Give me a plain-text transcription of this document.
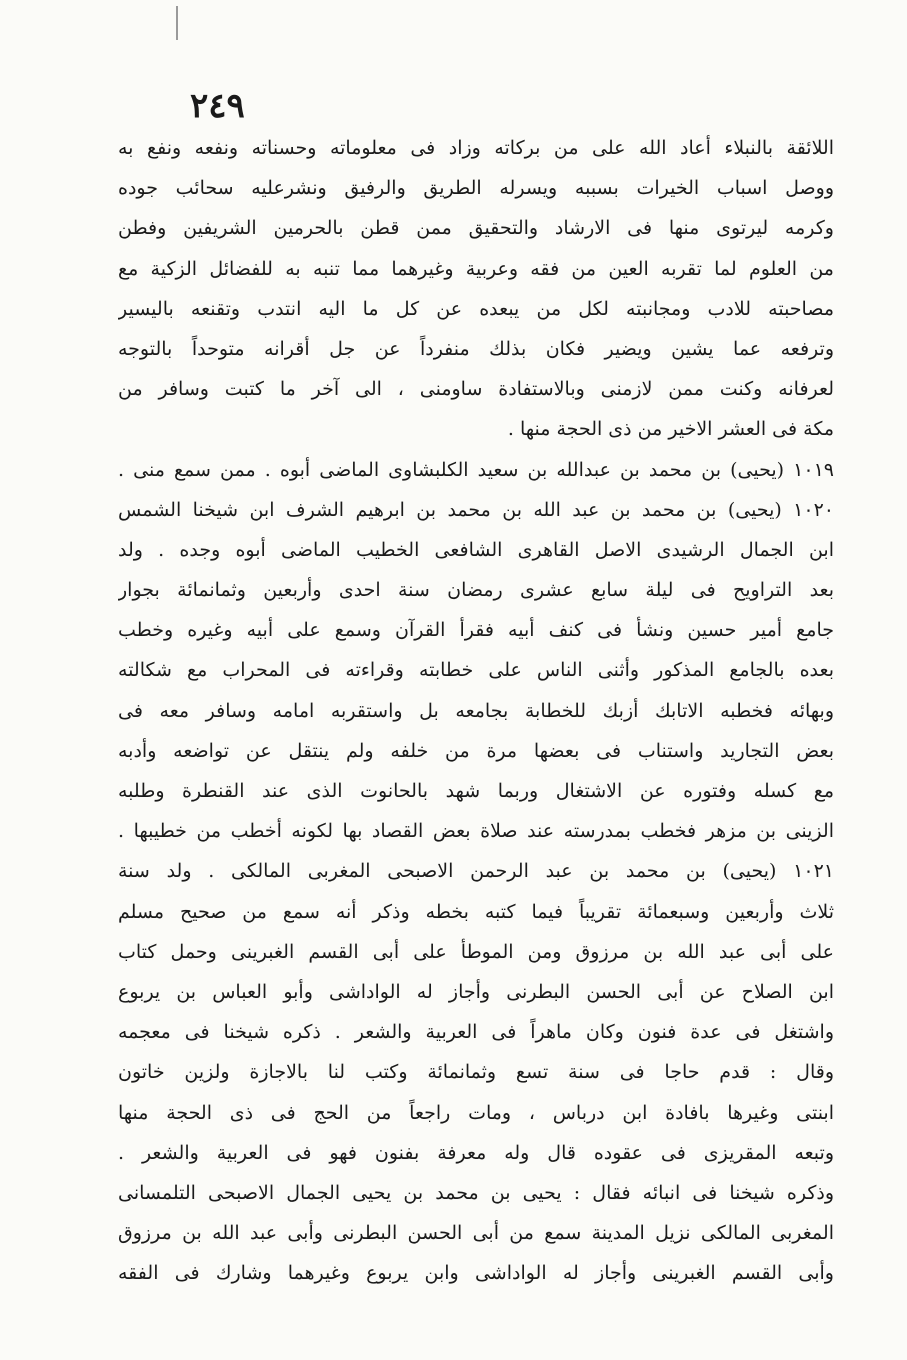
٢٤٩
اللائقة بالنبلاء أعاد الله على من بركاته وزاد فى معلوماته وحسناته ونفعه ونفع به
ووصل اسباب الخيرات بسببه ويسرله الطريق والرفيق ونشرعليه سحائب جوده
وكرمه ليرتوى منها فى الارشاد والتحقيق ممن قطن بالحرمين الشريفين وفطن
من العلوم لما تقربه العين من فقه وعربية وغيرهما مما تنبه به للفضائل الزكية مع
مصاحبته للادب ومجانبته لكل من يبعده عن كل ما اليه انتدب وتقنعه باليسير
وترفعه عما يشين ويضير فكان بذلك منفرداً عن جل أقرانه متوحداً بالتوجه
لعرفانه وكنت ممن لازمنى وبالاستفادة ساومنى ، الى آخر ما كتبت وسافر من
مكة فى العشر الاخير من ذى الحجة منها .
١٠١٩ (يحيى) بن محمد بن عبدالله بن سعيد الكلبشاوى الماضى أبوه . ممن سمع منى .
١٠٢٠ (يحيى) بن محمد بن عبد الله بن محمد بن ابرهيم الشرف ابن شيخنا الشمس
ابن الجمال الرشيدى الاصل القاهرى الشافعى الخطيب الماضى أبوه وجده . ولد
بعد التراويح فى ليلة سابع عشرى رمضان سنة احدى وأربعين وثمانمائة بجوار
جامع أمير حسين ونشأ فى كنف أبيه فقرأ القرآن وسمع على أبيه وغيره وخطب
بعده بالجامع المذكور وأثنى الناس على خطابته وقراءته فى المحراب مع شكالته
وبهائه فخطبه الاتابك أزبك للخطابة بجامعه بل واستقربه امامه وسافر معه فى
بعض التجاريد واستناب فى بعضها مرة من خلفه ولم ينتقل عن تواضعه وأدبه
مع كسله وفتوره عن الاشتغال وربما شهد بالحانوت الذى عند القنطرة وطلبه
الزينى بن مزهر فخطب بمدرسته عند صلاة بعض القصاد بها لكونه أخطب من خطيبها .
١٠٢١ (يحيى) بن محمد بن عبد الرحمن الاصبحى المغربى المالكى . ولد سنة
ثلاث وأربعين وسبعمائة تقريباً فيما كتبه بخطه وذكر أنه سمع من صحيح مسلم
على أبى عبد الله بن مرزوق ومن الموطأ على أبى القسم الغبرينى وحمل كتاب
ابن الصلاح عن أبى الحسن البطرنى وأجاز له الواداشى وأبو العباس بن يربوع
واشتغل فى عدة فنون وكان ماهراً فى العربية والشعر . ذكره شيخنا فى معجمه
وقال : قدم حاجا فى سنة تسع وثمانمائة وكتب لنا بالاجازة ولزين خاتون
ابنتى وغيرها بافادة ابن درباس ، ومات راجعاً من الحج فى ذى الحجة منها
وتبعه المقريزى فى عقوده قال وله معرفة بفنون فهو فى العربية والشعر .
وذكره شيخنا فى انبائه فقال : يحيى بن محمد بن يحيى الجمال الاصبحى التلمسانى
المغربى المالكى نزيل المدينة سمع من أبى الحسن البطرنى وأبى عبد الله بن مرزوق
وأبى القسم الغبرينى وأجاز له الواداشى وابن يربوع وغيرهما وشارك فى الفقه
